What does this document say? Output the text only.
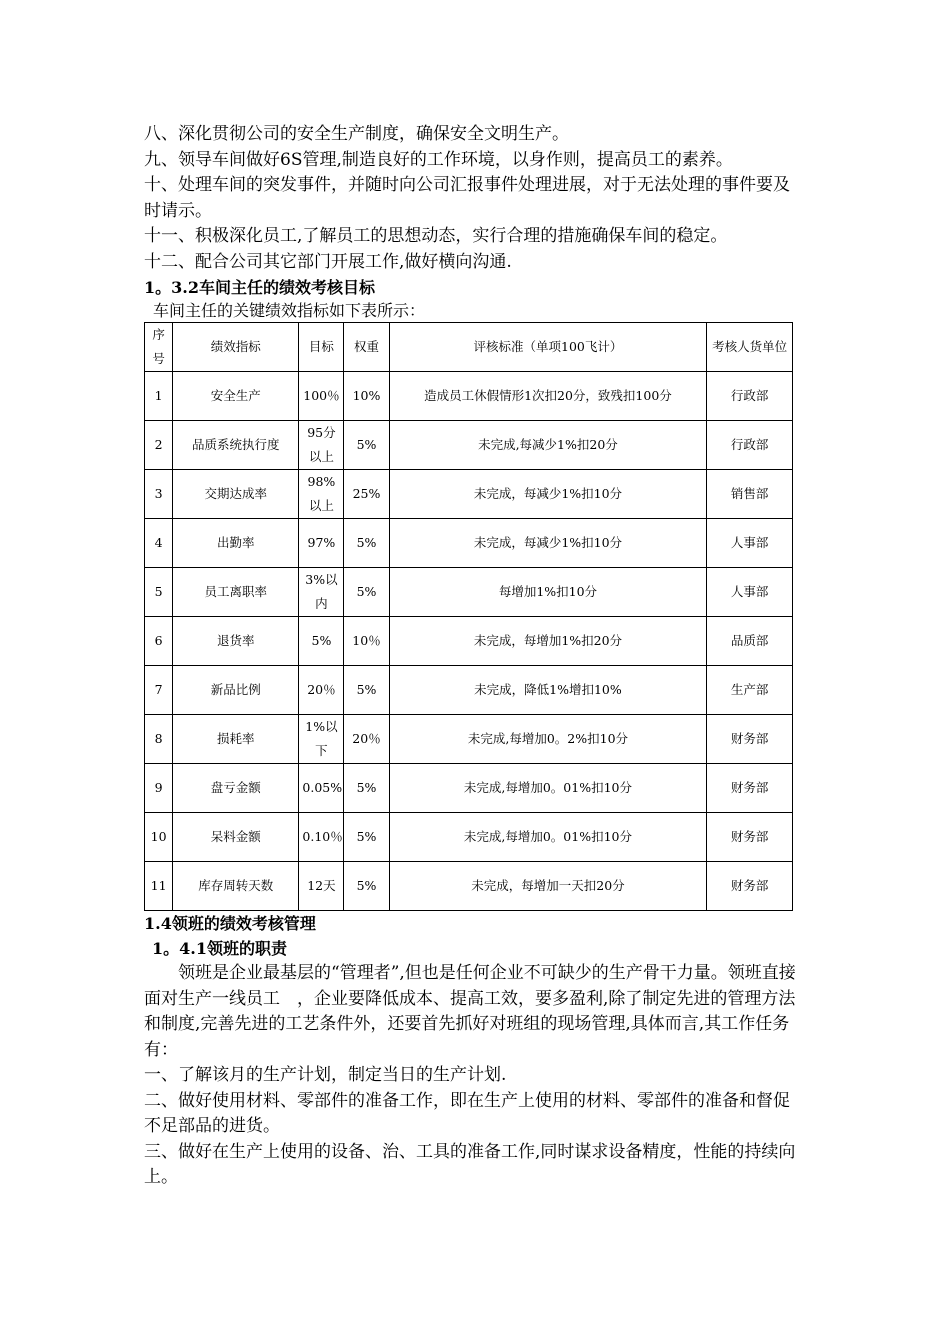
八、深化贯彻公司的安全生产制度，确保安全文明生产。

九、领导车间做好6S管理,制造良好的工作环境，以身作则，提高员工的素养。

十、处理车间的突发事件，并随时向公司汇报事件处理进展，对于无法处理的事件要及时请示。

十一、积极深化员工,了解员工的思想动态，实行合理的措施确保车间的稳定。

十二、配合公司其它部门开展工作,做好横向沟通.

1。3.2车间主任的绩效考核目标

车间主任的关键绩效指标如下表所示：

序号	绩效指标	目标	权重	评核标准（单项100飞计）	考核人货单位
1	安全生产	100％	10%	造成员工休假情形1次扣20分，致残扣100分	行政部
2	品质系统执行度	95分以上	5%	未完成,每减少1%扣20分	行政部
3	交期达成率	98%以上	25%	未完成，每减少1%扣10分	销售部
4	出勤率	97%	5%	未完成，每减少1%扣10分	人事部
5	员工离职率	3%以内	5%	每增加1%扣10分	人事部
6	退货率	5%	10％	未完成，每增加1%扣20分	品质部
7	新品比例	20％	5%	未完成，降低1%增扣10%	生产部
8	损耗率	1%以下	20％	未完成,每增加0。2%扣10分	财务部
9	盘亏金额	0.05%	5%	未完成,每增加0。01%扣10分	财务部
10	呆料金额	0.10％	5%	未完成,每增加0。01%扣10分	财务部
11	库存周转天数	12天	5%	未完成，每增加一天扣20分	财务部

1.4领班的绩效考核管理

1。4.1领班的职责

领班是企业最基层的“管理者”,但也是任何企业不可缺少的生产骨干力量。领班直接面对生产一线员工　，企业要降低成本、提高工效，要多盈利,除了制定先进的管理方法和制度,完善先进的工艺条件外，还要首先抓好对班组的现场管理,具体而言,其工作任务有：

一、了解该月的生产计划，制定当日的生产计划.

二、做好使用材料、零部件的准备工作，即在生产上使用的材料、零部件的准备和督促不足部品的进货。

三、做好在生产上使用的设备、治、工具的准备工作,同时谋求设备精度，性能的持续向上。
